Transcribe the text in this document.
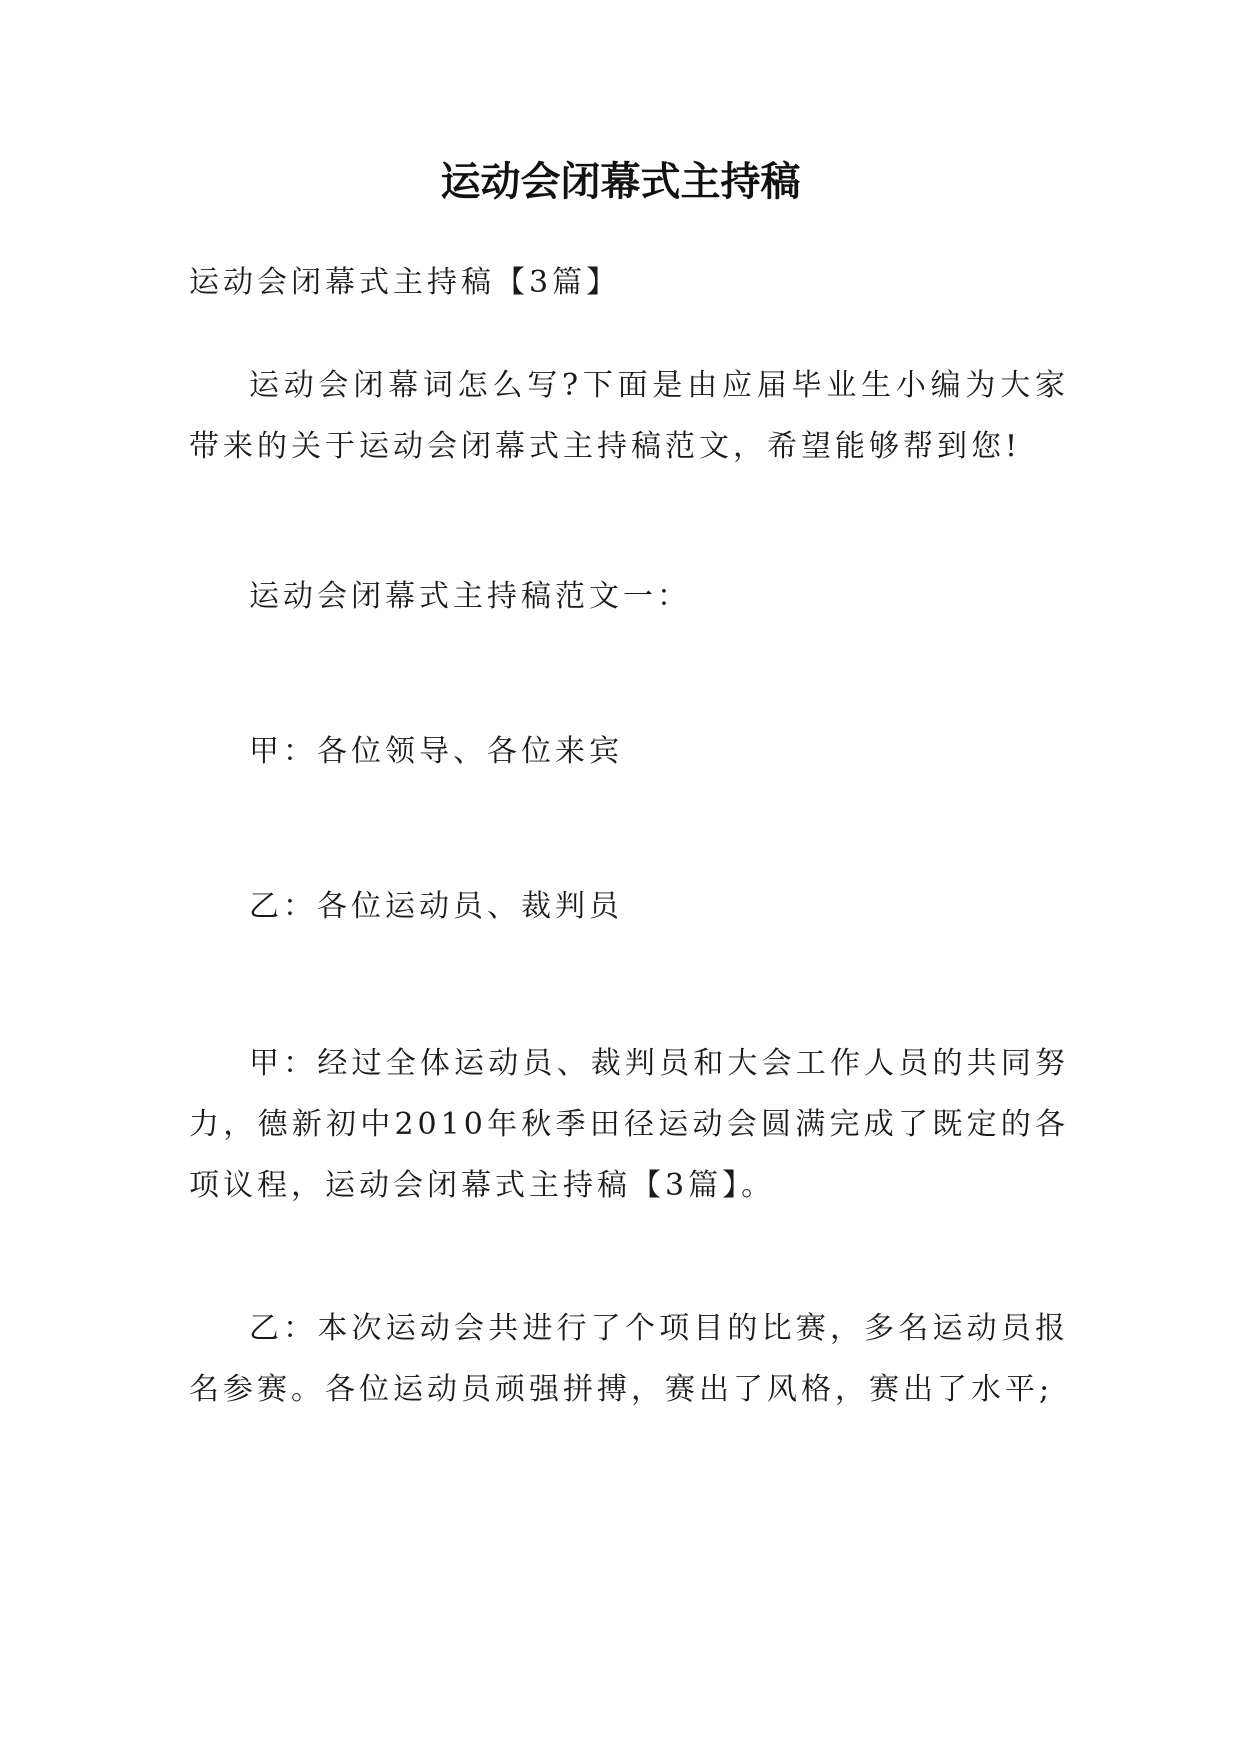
运动会闭幕式主持稿

运动会闭幕式主持稿【3篇】

运动会闭幕词怎么写?下面是由应届毕业生小编为大家带来的关于运动会闭幕式主持稿范文，希望能够帮到您!

运动会闭幕式主持稿范文一：

甲：各位领导、各位来宾

乙：各位运动员、裁判员

甲：经过全体运动员、裁判员和大会工作人员的共同努力，德新初中2010年秋季田径运动会圆满完成了既定的各项议程，运动会闭幕式主持稿【3篇】。

乙：本次运动会共进行了个项目的比赛，多名运动员报名参赛。各位运动员顽强拼搏，赛出了风格，赛出了水平;
